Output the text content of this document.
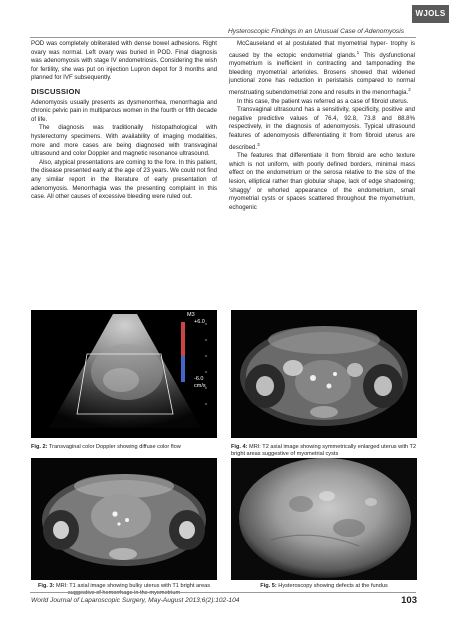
WJOLS
Hysteroscopic Findings in an Unusual Case of Adenomyosis

POD was completely obliterated with dense bowel adhesions. Right ovary was normal. Left ovary was buried in POD. Final diagnosis was adenomyosis with stage IV endometriosis. Considering the wish for fertility, she was put on injection Lupron depot for 3 months and planned for IVF subsequently.

DISCUSSION

Adenomyosis usually presents as dysmenorrhea, menorrhagia and chronic pelvic pain in multiparous women in the fourth or fifth decade of life.

The diagnosis was traditionally histopathological with hysterectomy specimens. With availability of imaging modalities, more and more cases are being diagnosed with transvaginal ultrasound and color Doppler and magnetic resonance ultrasound.

Also, atypical presentations are coming to the fore. In this patient, the disease presented early at the age of 23 years. We could not find any similar report in the literature of early presentation of adenomyosis. Menorrhagia was the presenting complaint in this case. All other causes of excessive bleeding were ruled out.

McCauseland et al postulated that myometrial hyper- trophy is caused by the ectopic endometrial glands.$^1$ This dysfunctional myometrium is inefficient in contracting and tamponading the bleeding myometrial arterioles. Brosens showed that widened junctional zone has reduction in peristalsis compared to normal menstruating subendometrial zone and results in the menorrhagia.$^2$

In this case, the patient was referred as a case of fibroid uterus.

Transvaginal ultrasound has a sensitivity, specificity, positive and negative predictive values of 76.4, 92.8, 73.8 and 88.8% respectively, in the diagnosis of adenomyosis. Typical ultrasound features of adenomyosis differentiating it from fibroid uterus are described.$^3$

The features that differentiate it from fibroid are echo texture which is not uniform, with poorly defined borders, minimal mass effect on the endometrium or the serosa relative to the size of the lesion, elliptical rather than globular shape, lack of edge shadowing; 'shaggy' or whorled appearance of the endometrium, small myometrial cysts or spaces scattered throughout the myometrium, echogenic

M3
+6.0
-6.0
cm/s
Fig. 2: Transvaginal color Doppler showing diffuse color flow	Fig. 4: MRI: T2 axial image showing symmetrically enlarged uterus with T2 bright areas suggestive of myometrial cysts
Fig. 3: MRI: T1 axial image showing bulky uterus with T1 bright areas suggestive of hemorrhage in the myometrium
Fig. 5: Hysteroscopy showing defects at the fundus
World Journal of Laparoscopic Surgery, May-August 2013;6(2):102-104	103
